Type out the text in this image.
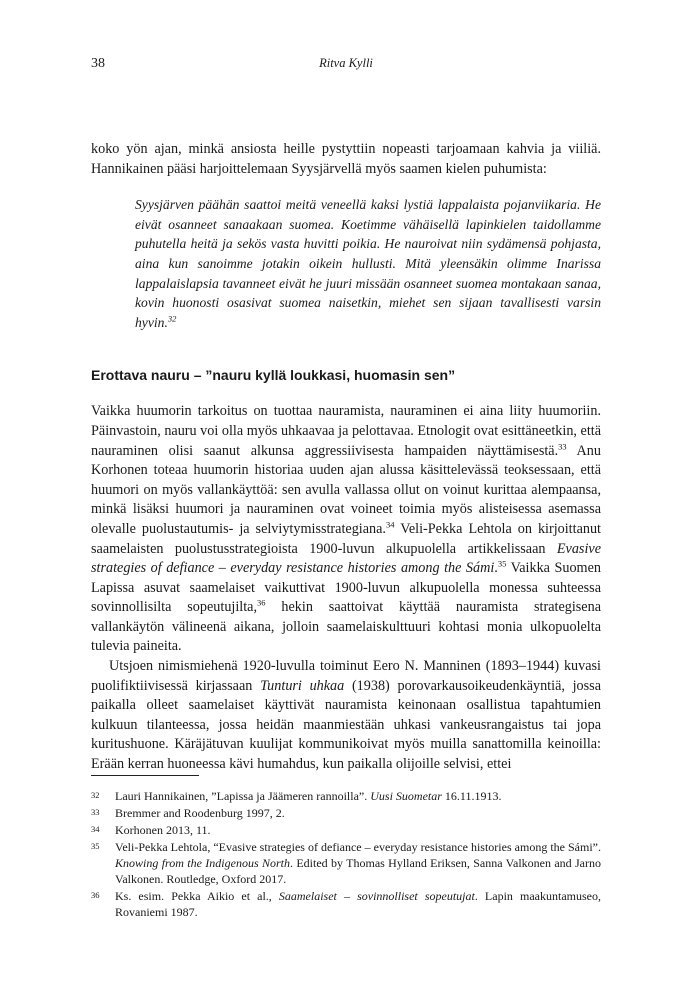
38	Ritva Kylli

koko yön ajan, minkä ansiosta heille pystyttiin nopeasti tarjoamaan kahvia ja viiliä. Hannikainen pääsi harjoittelemaan Syysjärvellä myös saamen kielen puhumista:

Syysjärven päähän saattoi meitä veneellä kaksi lystiä lappalaista pojanviikaria. He eivät osanneet sanaakaan suomea. Koetimme vähäisellä lapinkielen taidollamme puhutella heitä ja sekös vasta huvitti poikia. He nauroivat niin sydämensä pohjasta, aina kun sanoimme jotakin oikein hullusti. Mitä yleensäkin olimme Inarissa lappalaislapsia tavanneet eivät he juuri missään osanneet suomea montakaan sanaa, kovin huonosti osasivat suomea naisetkin, miehet sen sijaan tavallisesti varsin hyvin.$^{32}$
Erottava nauru – ”nauru kyllä loukkasi, huomasin sen”

Vaikka huumorin tarkoitus on tuottaa nauramista, nauraminen ei aina liity huumoriin. Päinvastoin, nauru voi olla myös uhkaavaa ja pelottavaa. Etnologit ovat esittäneetkin, että nauraminen olisi saanut alkunsa aggressiivisesta hampaiden näyttämisestä.$^{33}$ Anu Korhonen toteaa huumorin historiaa uuden ajan alussa käsittelevässä teoksessaan, että huumori on myös vallankäyttöä: sen avulla vallassa ollut on voinut kurittaa alempaansa, minkä lisäksi huumori ja nauraminen ovat voineet toimia myös alisteisessa asemassa olevalle puolustautumis- ja selviytymisstrategiana.$^{34}$ Veli-Pekka Lehtola on kirjoittanut saamelaisten puolustusstrategioista 1900-luvun alkupuolella artikkelissaan Evasive strategies of defiance – everyday resistance histories among the Sámi.$^{35}$ Vaikka Suomen Lapissa asuvat saamelaiset vaikuttivat 1900-luvun alkupuolella monessa suhteessa sovinnollisilta sopeutujilta,$^{36}$ hekin saattoivat käyttää nauramista strategisena vallankäytön välineenä aikana, jolloin saamelaiskulttuuri kohtasi monia ulkopuolelta tulevia paineita.

Utsjoen nimismiehenä 1920-luvulla toiminut Eero N. Manninen (1893–1944) kuvasi puolifiktiivisessä kirjassaan Tunturi uhkaa (1938) porovarkausoikeudenkäyntiä, jossa paikalla olleet saamelaiset käyttivät nauramista keinonaan osallistua tapahtumien kulkuun tilanteessa, jossa heidän maanmiestään uhkasi vankeusrangaistus tai jopa kuritushuone. Käräjätuvan kuulijat kommunikoivat myös muilla sanattomilla keinoilla: Erään kerran huoneessa kävi humahdus, kun paikalla olijoille selvisi, ettei

32	Lauri Hannikainen, ”Lapissa ja Jäämeren rannoilla”. Uusi Suometar 16.11.1913.
33	Bremmer and Roodenburg 1997, 2.
34	Korhonen 2013, 11.
35	Veli-Pekka Lehtola, “Evasive strategies of defiance – everyday resistance histories among the Sámi”. Knowing from the Indigenous North. Edited by Thomas Hylland Eriksen, Sanna Valkonen and Jarno Valkonen. Routledge, Oxford 2017.
36	Ks. esim. Pekka Aikio et al., Saamelaiset – sovinnolliset sopeutujat. Lapin maakuntamuseo, Rovaniemi 1987.
